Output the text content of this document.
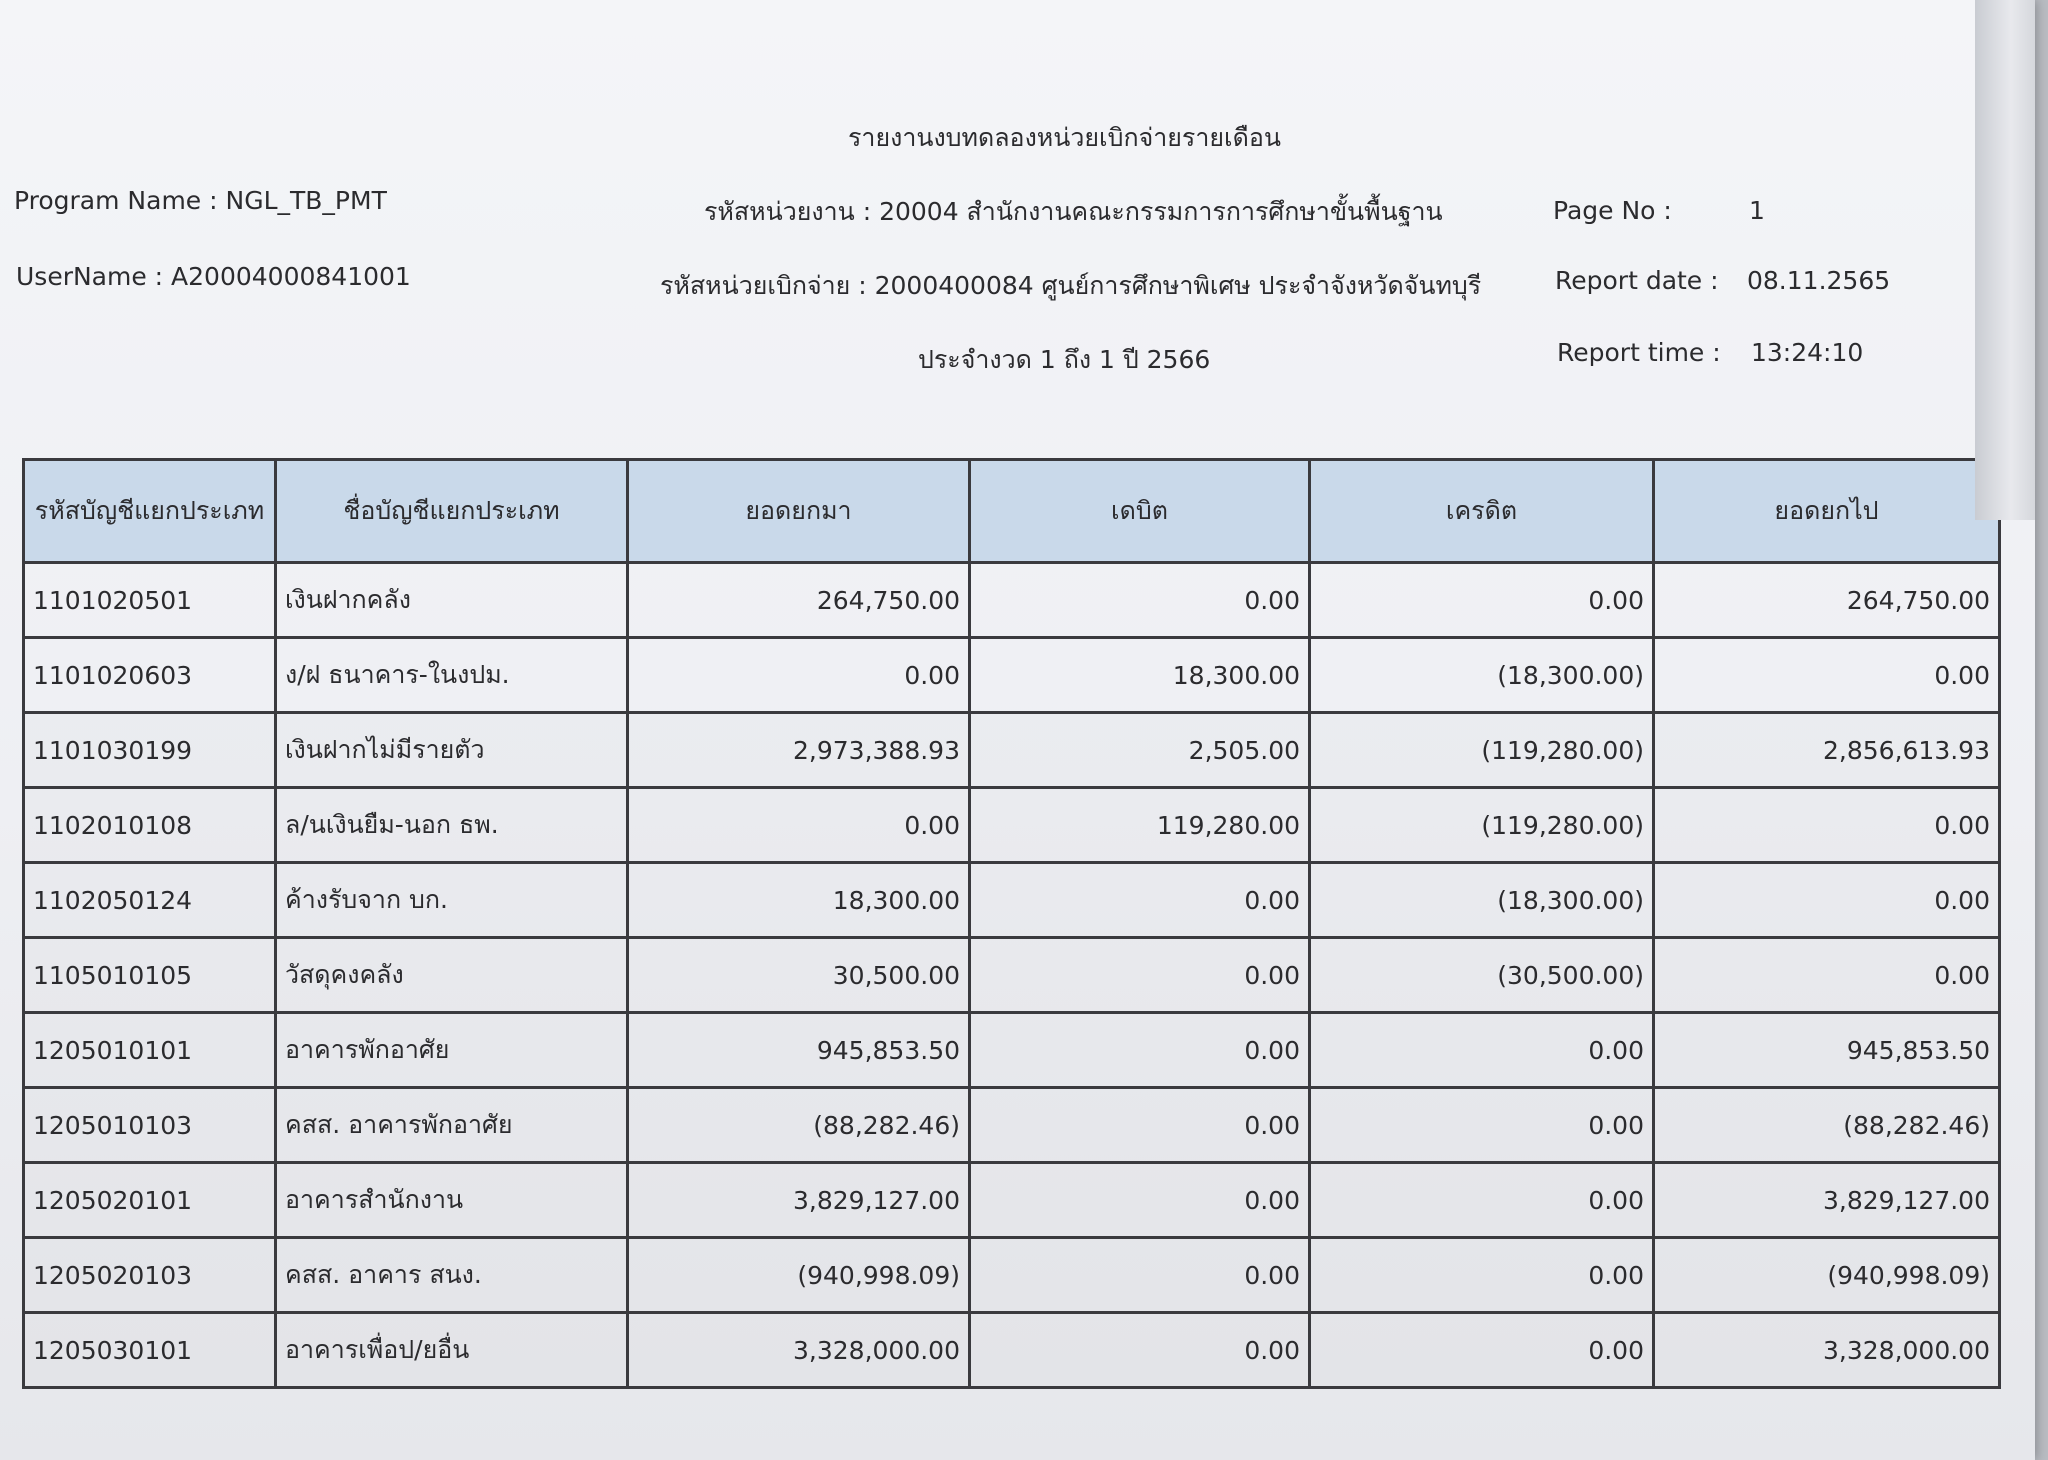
รายงานงบทดลองหน่วยเบิกจ่ายรายเดือน
Program Name : NGL_TB_PMT
UserName : A20004000841001
รหัสหน่วยงาน : 20004 สำนักงานคณะกรรมการการศึกษาขั้นพื้นฐาน
รหัสหน่วยเบิกจ่าย : 2000400084 ศูนย์การศึกษาพิเศษ ประจำจังหวัดจันทบุรี
ประจำงวด 1 ถึง 1 ปี 2566
Page No :	1
Report date : 08.11.2565
Report time : 13:24:10
รหัสบัญชีแยกประเภท	ชื่อบัญชีแยกประเภท	ยอดยกมา	เดบิต	เครดิต	ยอดยกไป
1101020501	เงินฝากคลัง	264,750.00	0.00	0.00	264,750.00
1101020603	ง/ฝ ธนาคาร-ในงปม.	0.00	18,300.00	(18,300.00)	0.00
1101030199	เงินฝากไม่มีรายตัว	2,973,388.93	2,505.00	(119,280.00)	2,856,613.93
1102010108	ล/นเงินยืม-นอก ธพ.	0.00	119,280.00	(119,280.00)	0.00
1102050124	ค้างรับจาก บก.	18,300.00	0.00	(18,300.00)	0.00
1105010105	วัสดุคงคลัง	30,500.00	0.00	(30,500.00)	0.00
1205010101	อาคารพักอาศัย	945,853.50	0.00	0.00	945,853.50
1205010103	คสส. อาคารพักอาศัย	(88,282.46)	0.00	0.00	(88,282.46)
1205020101	อาคารสำนักงาน	3,829,127.00	0.00	0.00	3,829,127.00
1205020103	คสส. อาคาร สนง.	(940,998.09)	0.00	0.00	(940,998.09)
1205030101	อาคารเพื่อป/ยอื่น	3,328,000.00	0.00	0.00	3,328,000.00
